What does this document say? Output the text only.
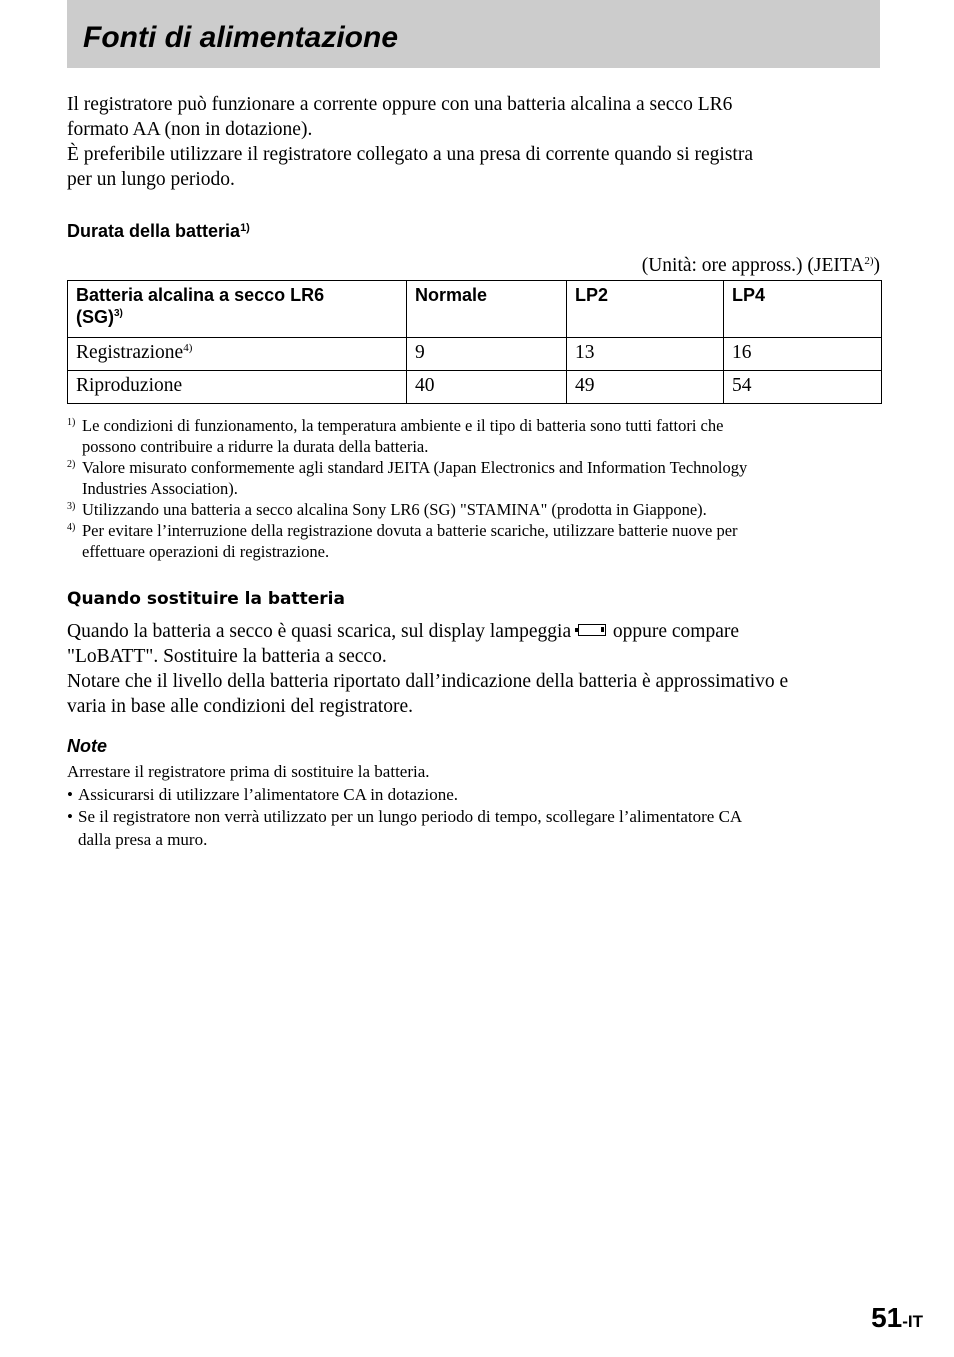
Fonti di alimentazione
Il registratore può funzionare a corrente oppure con una batteria alcalina a secco LR6
formato AA (non in dotazione).
È preferibile utilizzare il registratore collegato a una presa di corrente quando si registra
per un lungo periodo.
Durata della batteria$^{1)}$
(Unità: ore appross.) (JEITA$^{2)}$)
Batteria alcalina a secco LR6
(SG)$^{3)}$	Normale	LP2	LP4
Registrazione$^{4)}$	9	13	16
Riproduzione	40	49	54
1) Le condizioni di funzionamento, la temperatura ambiente e il tipo di batteria sono tutti fattori che
possono contribuire a ridurre la durata della batteria.
2) Valore misurato conformemente agli standard JEITA (Japan Electronics and Information Technology
Industries Association).
3) Utilizzando una batteria a secco alcalina Sony LR6 (SG) "STAMINA" (prodotta in Giappone).
4) Per evitare l’interruzione della registrazione dovuta a batterie scariche, utilizzare batterie nuove per
effettuare operazioni di registrazione.
Quando sostituire la batteria
Quando la batteria a secco è quasi scarica, sul display lampeggia oppure compare
"LoBATT". Sostituire la batteria a secco.
Notare che il livello della batteria riportato dall’indicazione della batteria è approssimativo e
varia in base alle condizioni del registratore.
Note
Arrestare il registratore prima di sostituire la batteria.
• Assicurarsi di utilizzare l’alimentatore CA in dotazione.
• Se il registratore non verrà utilizzato per un lungo periodo di tempo, scollegare l’alimentatore CA
dalla presa a muro.
51-IT
